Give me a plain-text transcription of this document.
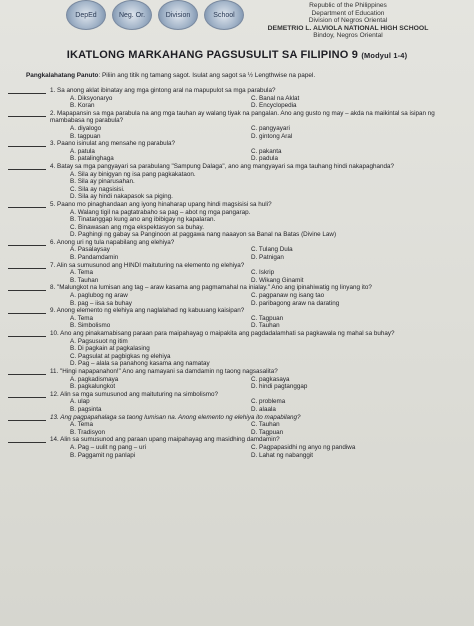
DepEd	Neg. Or.	Division	School
Republic of the Philippines
Department of Education
Division of Negros Oriental
DEMETRIO L. ALVIOLA NATIONAL HIGH SCHOOL
Bindoy, Negros Oriental
IKATLONG MARKAHANG PAGSUSULIT SA FILIPINO 9 (Modyul 1-4)
Pangkalahatang Panuto: Piliin ang titik ng tamang sagot. Isulat ang sagot sa ½ Lengthwise na papel.
1. Sa anong aklat ibinatay ang mga gintong aral na mapupulot sa mga parabula?
A. Diksyonaryo	C. Banal na Aklat
B. Koran	D. Encyclopedia
2. Mapapansin sa mga parabula na ang mga tauhan ay walang tiyak na pangalan. Ano ang gusto ng may – akda na maikintal sa isipan ng mambabasa ng parabula?
A. diyalogo	C. pangyayari
B. tagpuan	D. gintong Aral
3. Paano isinulat ang mensahe ng parabula?
A. patula	C. pakanta
B. patalinghaga	D. padula
4. Batay sa mga pangyayari sa parabulang "Sampung Dalaga", ano ang mangyayari sa mga tauhang hindi nakapaghanda?
A. Sila ay binigyan ng isa pang pagkakataon.
B. Sila ay pinarusahan.
C. Sila ay nagsisisi.
D. Sila ay hindi nakapasok sa piging.
5. Paano mo pinaghandaan ang iyong hinaharap upang hindi magsisisi sa huli?
A. Walang tigil na pagtatrabaho sa pag – abot ng mga pangarap.
B. Tinatanggap kung ano ang ibibigay ng kapalaran.
C. Binawasan ang mga ekspektasyon sa buhay.
D. Paghingi ng gabay sa Panginoon at paggawa nang naaayon sa Banal na Batas (Divine Law)
6. Anong uri ng tula napabilang ang elehiya?
A. Pasalaysay	C. Tulang Dula
B. Pandamdamin	D. Patnigan
7. Alin sa sumusunod ang HINDI maituturing na elemento ng elehiya?
A. Tema	C. Iskrip
B. Tauhan	D. Wikang Ginamit
8. "Malungkot na lumisan ang tag – araw kasama ang pagmamahal na inialay." Ano ang ipinahiwatig ng linyang ito?
A. paglubog ng araw	C. pagpanaw ng isang tao
B. pag – iisa sa buhay	D. paribagong araw na darating
9. Anong elemento ng elehiya ang naglalahad ng kabuuang kaisipan?
A. Tema	C. Tagpuan
B. Simbolismo	D. Tauhan
10. Ano ang pinakamabisang paraan para maipahayag o maipakita ang pagdadalamhati sa pagkawala ng mahal sa buhay?
A. Pagsusuot ng itim
B. Di pagkain at pagkalasing
C. Pagsulat at pagbigkas ng elehiya
D. Pag – alala sa panahong kasama ang namatay
11. "Hingi napapanahon!" Ano ang namayani sa damdamin ng taong nagsasalita?
A. pagkadismaya	C. pagkasaya
B. pagkalungkot	D. hindi pagtanggap
12. Alin sa mga sumusunod ang maituturing na simbolismo?
A. ulap	C. problema
B. pagsinta	D. alaala
13. Ang pagpapahalaga sa taong lumisan na. Anong elemento ng elehiya ito mapabilang?
A. Tema	C. Tauhan
B. Tradisyon	D. Tagpuan
14. Alin sa sumusunod ang paraan upang maipahayag ang masidhing damdamin?
A. Pag – uulit ng pang – uri	C. Pagpapasidhi ng anyo ng pandiwa
B. Paggamit ng panlapi	D. Lahat ng nabanggit
